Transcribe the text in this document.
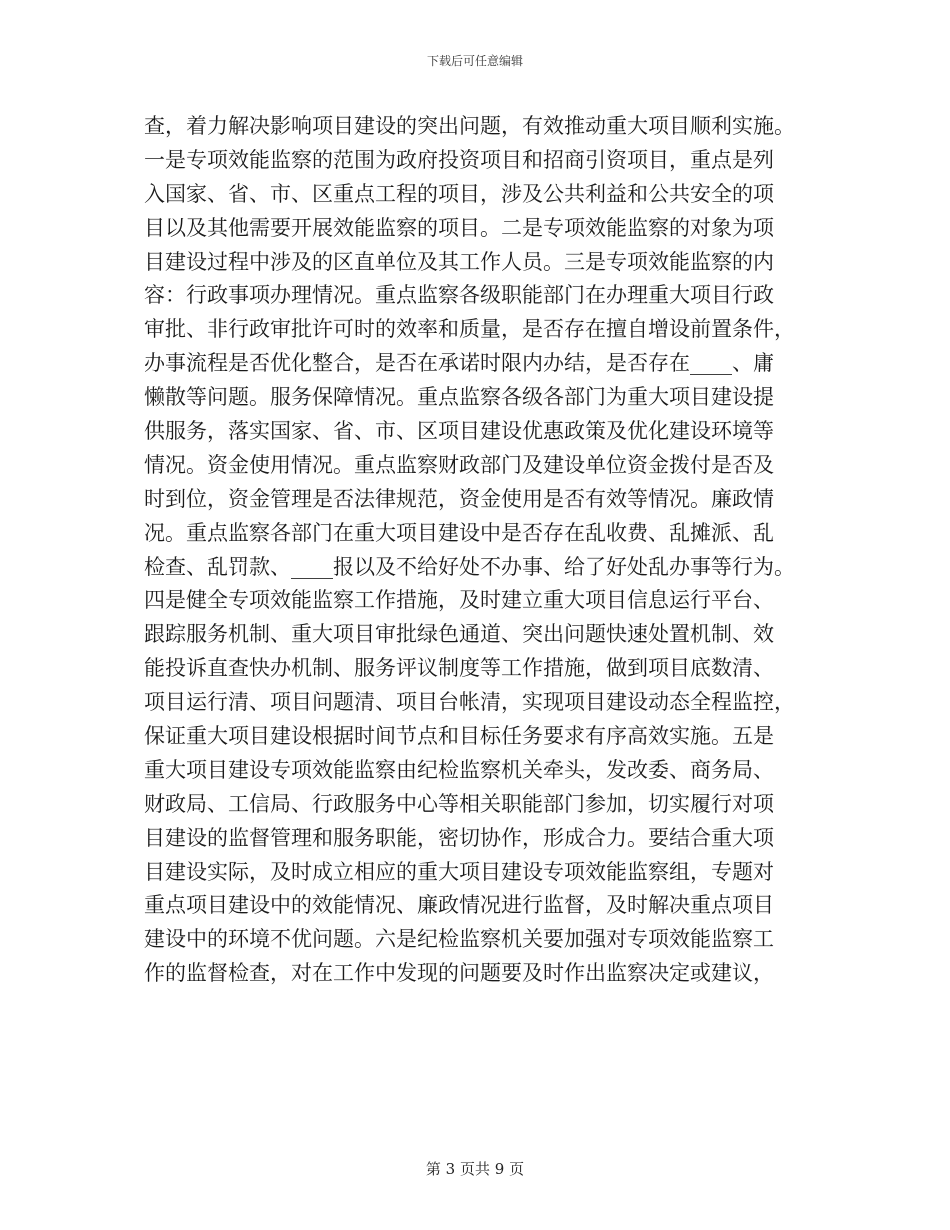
下载后可任意编辑
查，着力解决影响项目建设的突出问题，有效推动重大项目顺利实施。
一是专项效能监察的范围为政府投资项目和招商引资项目，重点是列
入国家、省、市、区重点工程的项目，涉及公共利益和公共安全的项
目以及其他需要开展效能监察的项目。二是专项效能监察的对象为项
目建设过程中涉及的区直单位及其工作人员。三是专项效能监察的内
容：行政事项办理情况。重点监察各级职能部门在办理重大项目行政
审批、非行政审批许可时的效率和质量，是否存在擅自增设前置条件，
办事流程是否优化整合，是否在承诺时限内办结，是否存在____、庸
懒散等问题。服务保障情况。重点监察各级各部门为重大项目建设提
供服务，落实国家、省、市、区项目建设优惠政策及优化建设环境等
情况。资金使用情况。重点监察财政部门及建设单位资金拨付是否及
时到位，资金管理是否法律规范，资金使用是否有效等情况。廉政情
况。重点监察各部门在重大项目建设中是否存在乱收费、乱摊派、乱
检查、乱罚款、____报以及不给好处不办事、给了好处乱办事等行为。
四是健全专项效能监察工作措施，及时建立重大项目信息运行平台、
跟踪服务机制、重大项目审批绿色通道、突出问题快速处置机制、效
能投诉直查快办机制、服务评议制度等工作措施，做到项目底数清、
项目运行清、项目问题清、项目台帐清，实现项目建设动态全程监控，
保证重大项目建设根据时间节点和目标任务要求有序高效实施。五是
重大项目建设专项效能监察由纪检监察机关牵头，发改委、商务局、
财政局、工信局、行政服务中心等相关职能部门参加，切实履行对项
目建设的监督管理和服务职能，密切协作，形成合力。要结合重大项
目建设实际，及时成立相应的重大项目建设专项效能监察组，专题对
重点项目建设中的效能情况、廉政情况进行监督，及时解决重点项目
建设中的环境不优问题。六是纪检监察机关要加强对专项效能监察工
作的监督检查，对在工作中发现的问题要及时作出监察决定或建议，
第 3 页共 9 页
